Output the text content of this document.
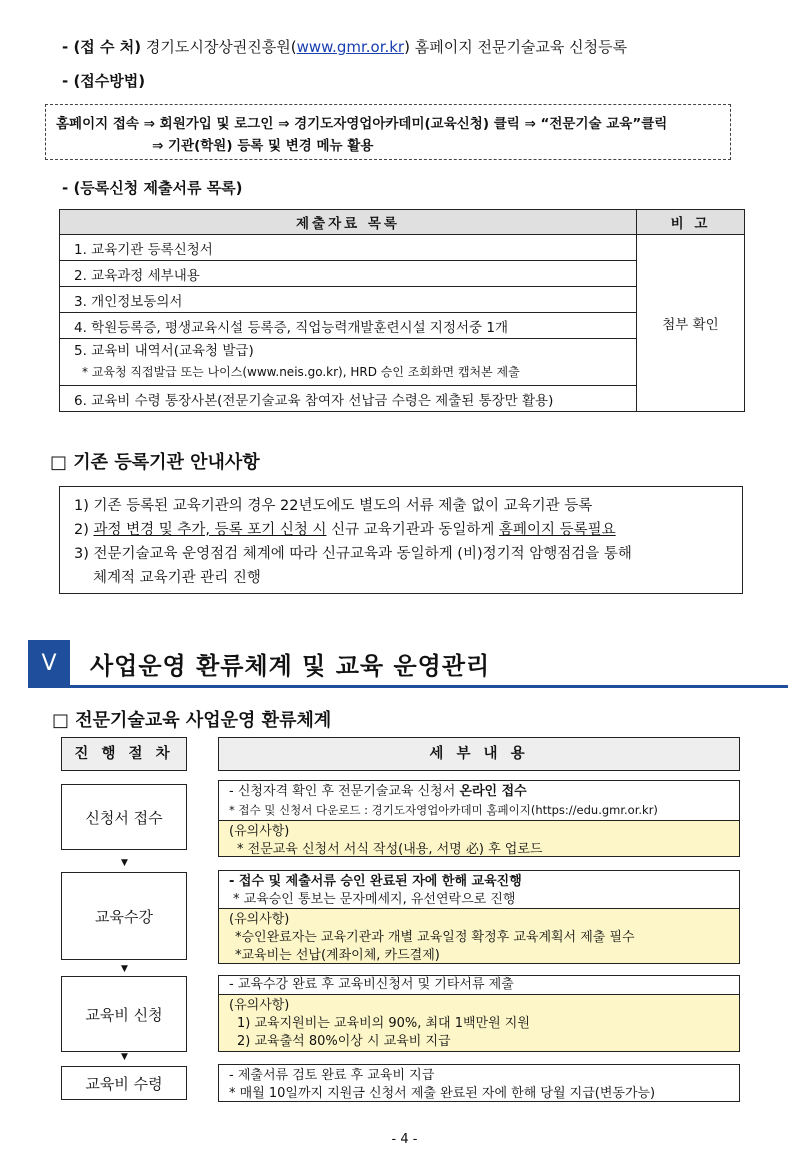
- (접 수 처) 경기도시장상권진흥원(www.gmr.or.kr) 홈페이지 전문기술교육 신청등록
- (접수방법)
홈페이지 접속 ⇒ 회원가입 및 로그인 ⇒ 경기도자영업아카데미(교육신청) 클릭 ⇒ “전문기술 교육”클릭
⇒ 기관(학원) 등록 및 변경 메뉴 활용
- (등록신청 제출서류 목록)
제출자료 목록	비 고
1. 교육기관 등록신청서	첨부 확인
2. 교육과정 세부내용	
3. 개인정보동의서	
4. 학원등록증, 평생교육시설 등록증, 직업능력개발훈련시설 지정서중 1개	

5. 교육비 내역서(교육청 발급)
* 교육청 직접발급 또는 나이스(www.neis.go.kr), HRD 승인 조회화면 캡처본 제출	

6. 교육비 수령 통장사본(전문기술교육 참여자 선납금 수령은 제출된 통장만 활용)	
□ 기존 등록기관 안내사항
1) 기존 등록된 교육기관의 경우 22년도에도 별도의 서류 제출 없이 교육기관 등록
2) 과정 변경 및 추가, 등록 포기 신청 시 신규 교육기관과 동일하게 홈페이지 등록필요
3) 전문기술교육 운영점검 체계에 따라 신규교육과 동일하게 (비)정기적 암행점검을 통해
체계적 교육기관 관리 진행
V	사업운영 환류체계 및 교육 운영관리
□ 전문기술교육 사업운영 환류체계
진 행 절 차	세 부 내 용
신청서 접수
- 신청자격 확인 후 전문기술교육 신청서 온라인 접수
* 접수 및 신청서 다운로드 : 경기도자영업아카데미 홈페이지(https://edu.gmr.or.kr)
(유의사항)
* 전문교육 신청서 서식 작성(내용, 서명 必) 후 업로드
▼
교육수강
- 접수 및 제출서류 승인 완료된 자에 한해 교육진행
* 교육승인 통보는 문자메세지, 유선연락으로 진행
(유의사항)
*승인완료자는 교육기관과 개별 교육일정 확정후 교육계획서 제출 필수
*교육비는 선납(계좌이체, 카드결제)
▼
교육비 신청
- 교육수강 완료 후 교육비신청서 및 기타서류 제출
(유의사항)
1) 교육지원비는 교육비의 90%, 최대 1백만원 지원
2) 교육출석 80%이상 시 교육비 지급
▼
교육비 수령	- 제출서류 검토 완료 후 교육비 지급
* 매월 10일까지 지원금 신청서 제출 완료된 자에 한해 당월 지급(변동가능)
- 4 -
